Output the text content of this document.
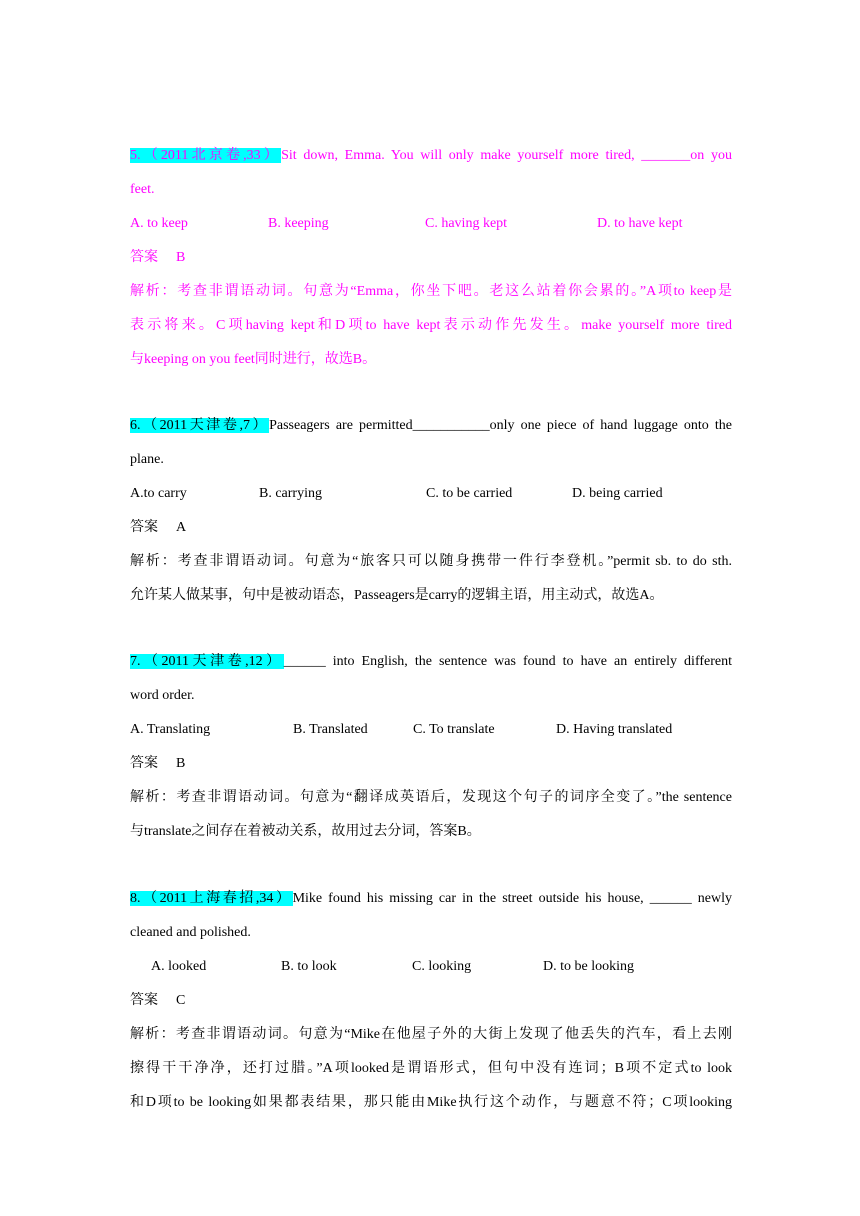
5.（2011北京卷,33）Sit down, Emma. You will only make yourself more tired, _______on you
feet.
A. to keep	B. keeping	C. having kept	D. to have kept
答案 B
解析：考查非谓语动词。句意为“Emma，你坐下吧。老这么站着你会累的。”A项to keep是
表示将来。C项having kept和D项to have kept表示动作先发生。make yourself more tired
与keeping on you feet同时进行，故选B。
6.（2011天津卷,7）Passeagers are permitted___________only one piece of hand luggage onto the
plane.
A.to carry	B. carrying	C. to be carried	D. being carried
答案 A
解析：考查非谓语动词。句意为“旅客只可以随身携带一件行李登机。”permit sb. to do sth.
允许某人做某事，句中是被动语态，Passeagers是carry的逻辑主语，用主动式，故选A。
7.（2011天津卷,12）______ into English, the sentence was found to have an entirely different
word order.
A. Translating	B. Translated	C. To translate	D. Having translated
答案 B
解析：考查非谓语动词。句意为“翻译成英语后，发现这个句子的词序全变了。”the sentence
与translate之间存在着被动关系，故用过去分词，答案B。
8.（2011上海春招,34）Mike found his missing car in the street outside his house, ______ newly
cleaned and polished.
A. looked	B. to look	C. looking	D. to be looking
答案 C
解析：考查非谓语动词。句意为“Mike在他屋子外的大街上发现了他丢失的汽车，看上去刚
擦得干干净净，还打过腊。”A项looked是谓语形式，但句中没有连词；B项不定式to look
和D项to be looking如果都表结果，那只能由Mike执行这个动作，与题意不符；C项looking
